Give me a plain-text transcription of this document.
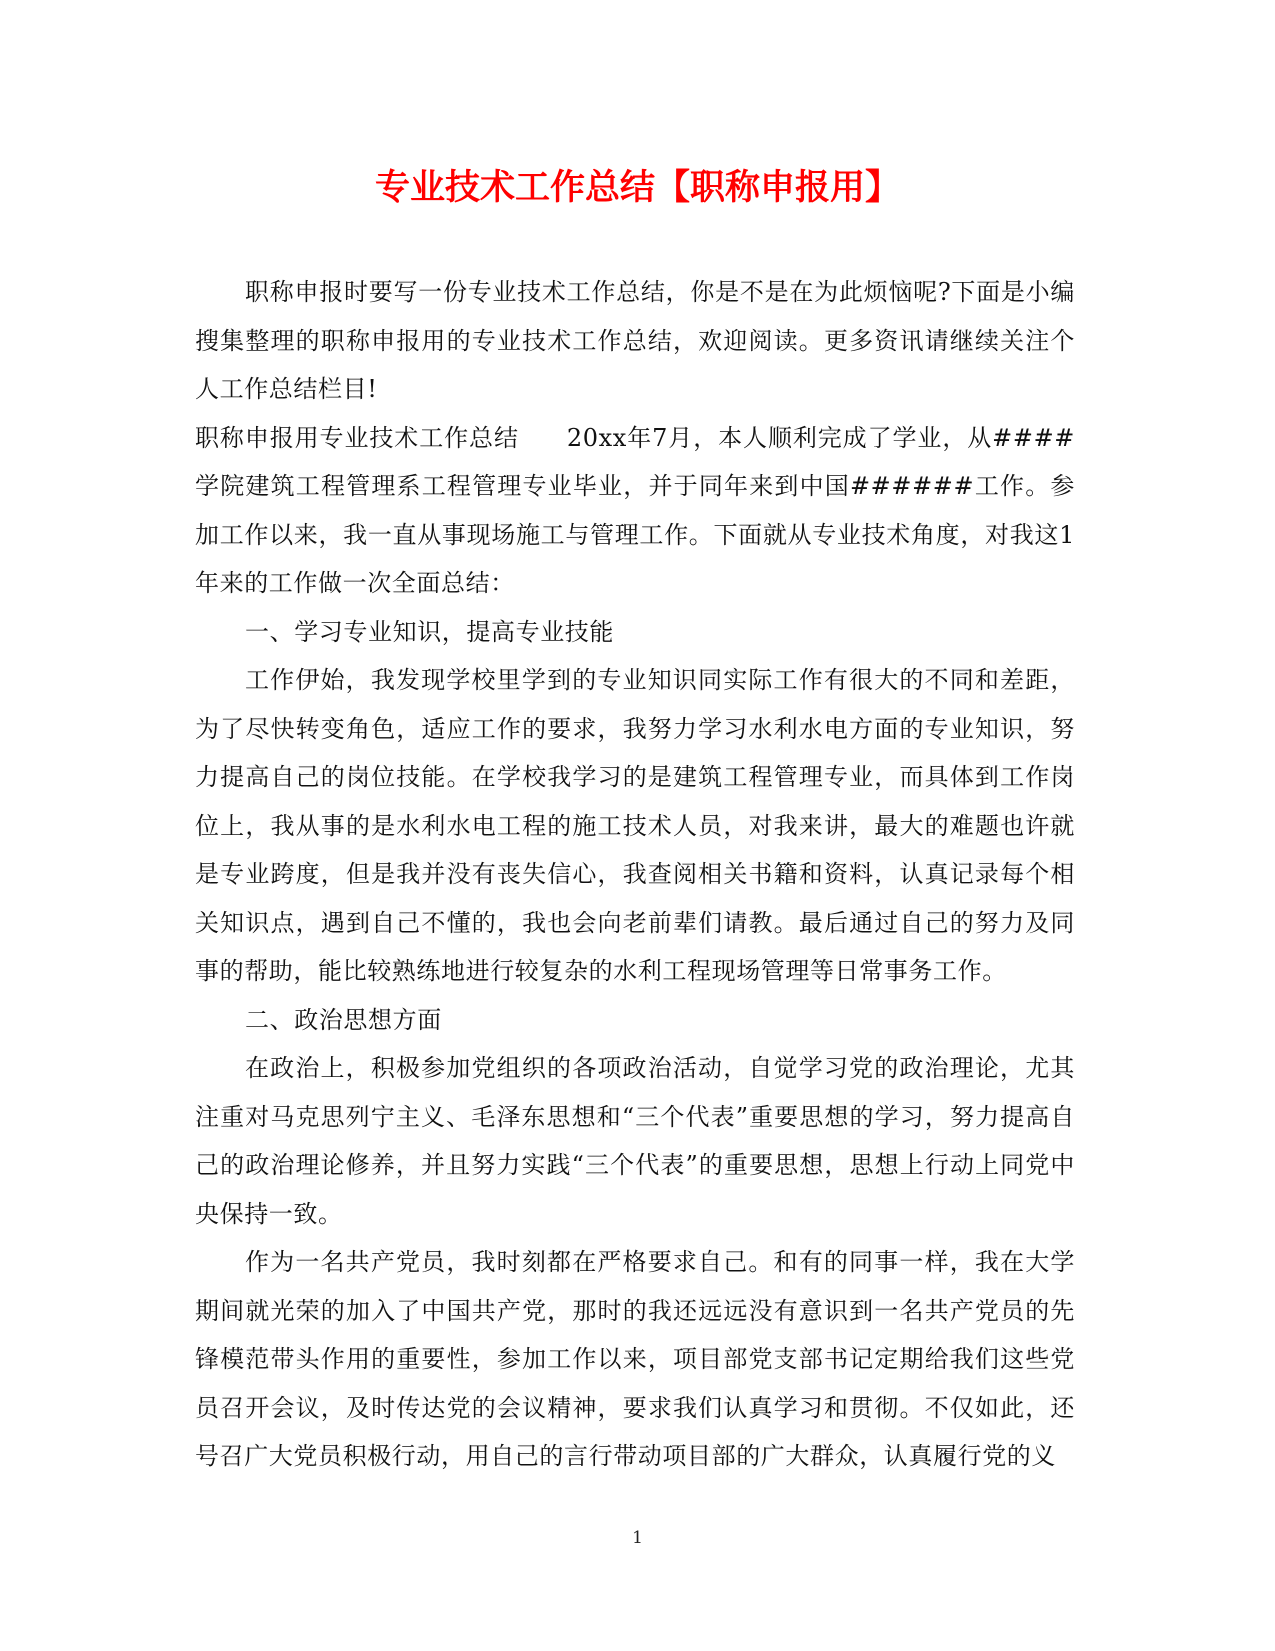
专业技术工作总结【职称申报用】

职称申报时要写一份专业技术工作总结，你是不是在为此烦恼呢?下面是小编搜集整理的职称申报用的专业技术工作总结，欢迎阅读。更多资讯请继续关注个人工作总结栏目!

职称申报用专业技术工作总结 20xx年7月，本人顺利完成了学业，从####学院建筑工程管理系工程管理专业毕业，并于同年来到中国######工作。参加工作以来，我一直从事现场施工与管理工作。下面就从专业技术角度，对我这1年来的工作做一次全面总结：

一、学习专业知识，提高专业技能

工作伊始，我发现学校里学到的专业知识同实际工作有很大的不同和差距，为了尽快转变角色，适应工作的要求，我努力学习水利水电方面的专业知识，努力提高自己的岗位技能。在学校我学习的是建筑工程管理专业，而具体到工作岗位上，我从事的是水利水电工程的施工技术人员，对我来讲，最大的难题也许就是专业跨度，但是我并没有丧失信心，我查阅相关书籍和资料，认真记录每个相关知识点，遇到自己不懂的，我也会向老前辈们请教。最后通过自己的努力及同事的帮助，能比较熟练地进行较复杂的水利工程现场管理等日常事务工作。

二、政治思想方面

在政治上，积极参加党组织的各项政治活动，自觉学习党的政治理论，尤其注重对马克思列宁主义、毛泽东思想和“三个代表”重要思想的学习，努力提高自己的政治理论修养，并且努力实践“三个代表”的重要思想，思想上行动上同党中央保持一致。

作为一名共产党员，我时刻都在严格要求自己。和有的同事一样，我在大学期间就光荣的加入了中国共产党，那时的我还远远没有意识到一名共产党员的先锋模范带头作用的重要性，参加工作以来，项目部党支部书记定期给我们这些党员召开会议，及时传达党的会议精神，要求我们认真学习和贯彻。不仅如此，还号召广大党员积极行动，用自己的言行带动项目部的广大群众，认真履行党的义

1
